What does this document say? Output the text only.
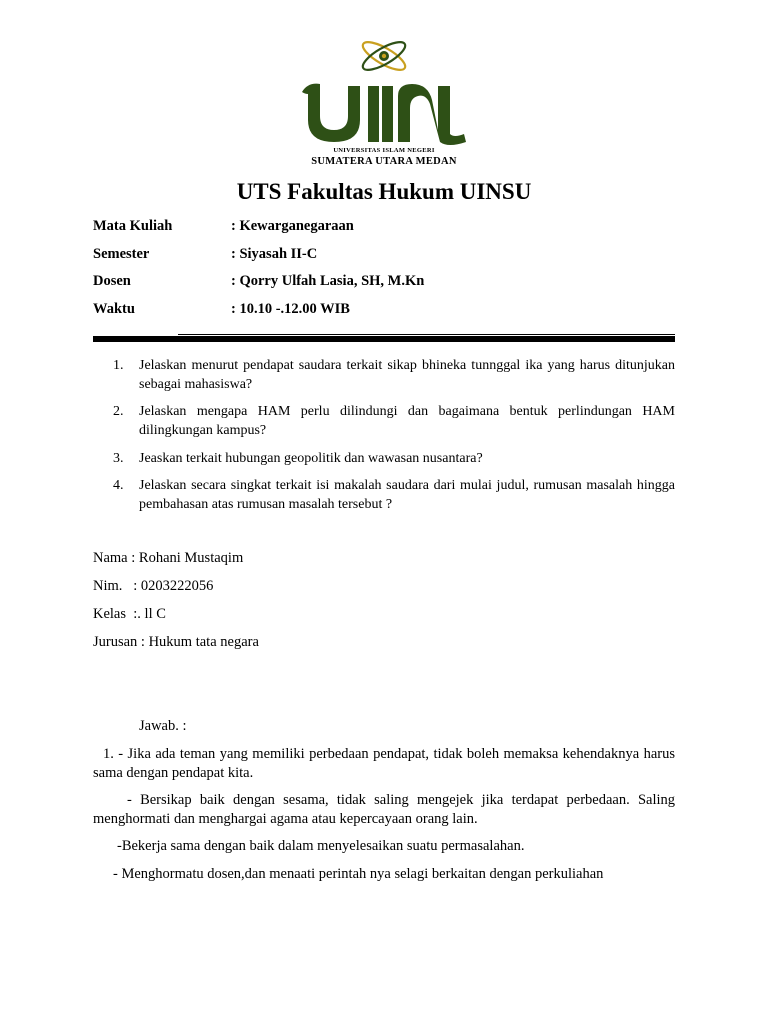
UNIVERSITAS ISLAM NEGERI
SUMATERA UTARA MEDAN
UTS Fakultas Hukum UINSU
Mata Kuliah	: Kewarganegaraan
Semester	: Siyasah II-C
Dosen	: Qorry Ulfah Lasia, SH, M.Kn
Waktu	: 10.10 -.12.00 WIB
1. Jelaskan menurut pendapat saudara terkait sikap bhineka tunnggal ika yang harus ditunjukan sebagai mahasiswa?
2. Jelaskan mengapa HAM perlu dilindungi dan bagaimana bentuk perlindungan HAM dilingkungan kampus?
3. Jeaskan terkait hubungan geopolitik dan wawasan nusantara?
4. Jelaskan secara singkat terkait isi makalah saudara dari mulai judul, rumusan masalah hingga pembahasan atas rumusan masalah tersebut ?
Nama : Rohani Mustaqim
Nim.   : 0203222056
Kelas  :. ll C
Jurusan : Hukum tata negara
Jawab. :
1. - Jika ada teman yang memiliki perbedaan pendapat, tidak boleh memaksa kehendaknya harus sama dengan pendapat kita.
- Bersikap baik dengan sesama, tidak saling mengejek jika terdapat perbedaan. Saling menghormati dan menghargai agama atau kepercayaan orang lain.
-Bekerja sama dengan baik dalam menyelesaikan suatu permasalahan.
- Menghormatu dosen,dan menaati perintah nya selagi berkaitan dengan perkuliahan
